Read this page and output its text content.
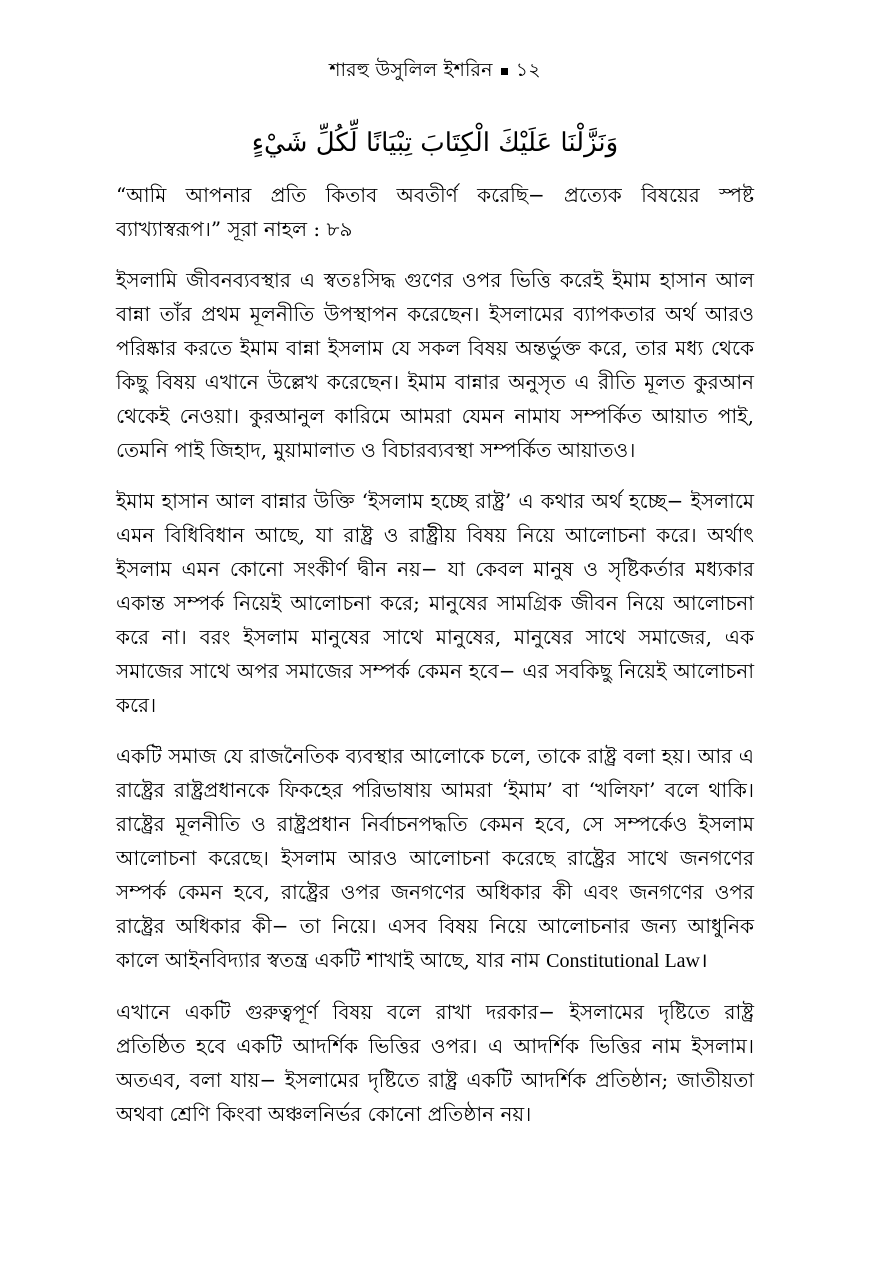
শারহু উসুলিল ইশরিন ১২
وَنَزَّلْنَا عَلَيْكَ الْكِتَابَ تِبْيَانًا لِّكُلِّ شَيْءٍ

“আমি আপনার প্রতি কিতাব অবতীর্ণ করেছি− প্রত্যেক বিষয়ের স্পষ্ট ব্যাখ্যাস্বরূপ।” সূরা নাহল : ৮৯

ইসলামি জীবনব্যবস্থার এ স্বতঃসিদ্ধ গুণের ওপর ভিত্তি করেই ইমাম হাসান আল বান্না তাঁর প্রথম মূলনীতি উপস্থাপন করেছেন। ইসলামের ব্যাপকতার অর্থ আরও পরিষ্কার করতে ইমাম বান্না ইসলাম যে সকল বিষয় অন্তর্ভুক্ত করে, তার মধ্য থেকে কিছু বিষয় এখানে উল্লেখ করেছেন। ইমাম বান্নার অনুসৃত এ রীতি মূলত কুরআন থেকেই নেওয়া। কুরআনুল কারিমে আমরা যেমন নামায সম্পর্কিত আয়াত পাই, তেমনি পাই জিহাদ, মুয়ামালাত ও বিচারব্যবস্থা সম্পর্কিত আয়াতও।

ইমাম হাসান আল বান্নার উক্তি ‘ইসলাম হচ্ছে রাষ্ট্র’ এ কথার অর্থ হচ্ছে− ইসলামে এমন বিধিবিধান আছে, যা রাষ্ট্র ও রাষ্ট্রীয় বিষয় নিয়ে আলোচনা করে। অর্থাৎ ইসলাম এমন কোনো সংকীর্ণ দ্বীন নয়− যা কেবল মানুষ ও সৃষ্টিকর্তার মধ্যকার একান্ত সম্পর্ক নিয়েই আলোচনা করে; মানুষের সামগ্রিক জীবন নিয়ে আলোচনা করে না। বরং ইসলাম মানুষের সাথে মানুষের, মানুষের সাথে সমাজের, এক সমাজের সাথে অপর সমাজের সম্পর্ক কেমন হবে− এর সবকিছু নিয়েই আলোচনা করে।

একটি সমাজ যে রাজনৈতিক ব্যবস্থার আলোকে চলে, তাকে রাষ্ট্র বলা হয়। আর এ রাষ্ট্রের রাষ্ট্রপ্রধানকে ফিকহের পরিভাষায় আমরা ‘ইমাম’ বা ‘খলিফা’ বলে থাকি। রাষ্ট্রের মূলনীতি ও রাষ্ট্রপ্রধান নির্বাচনপদ্ধতি কেমন হবে, সে সম্পর্কেও ইসলাম আলোচনা করেছে। ইসলাম আরও আলোচনা করেছে রাষ্ট্রের সাথে জনগণের সম্পর্ক কেমন হবে, রাষ্ট্রের ওপর জনগণের অধিকার কী এবং জনগণের ওপর রাষ্ট্রের অধিকার কী− তা নিয়ে। এসব বিষয় নিয়ে আলোচনার জন্য আধুনিক কালে আইনবিদ্যার স্বতন্ত্র একটি শাখাই আছে, যার নাম Constitutional Law।

এখানে একটি গুরুত্বপূর্ণ বিষয় বলে রাখা দরকার− ইসলামের দৃষ্টিতে রাষ্ট্র প্রতিষ্ঠিত হবে একটি আদর্শিক ভিত্তির ওপর। এ আদর্শিক ভিত্তির নাম ইসলাম। অতএব, বলা যায়− ইসলামের দৃষ্টিতে রাষ্ট্র একটি আদর্শিক প্রতিষ্ঠান; জাতীয়তা অথবা শ্রেণি কিংবা অঞ্চলনির্ভর কোনো প্রতিষ্ঠান নয়।
